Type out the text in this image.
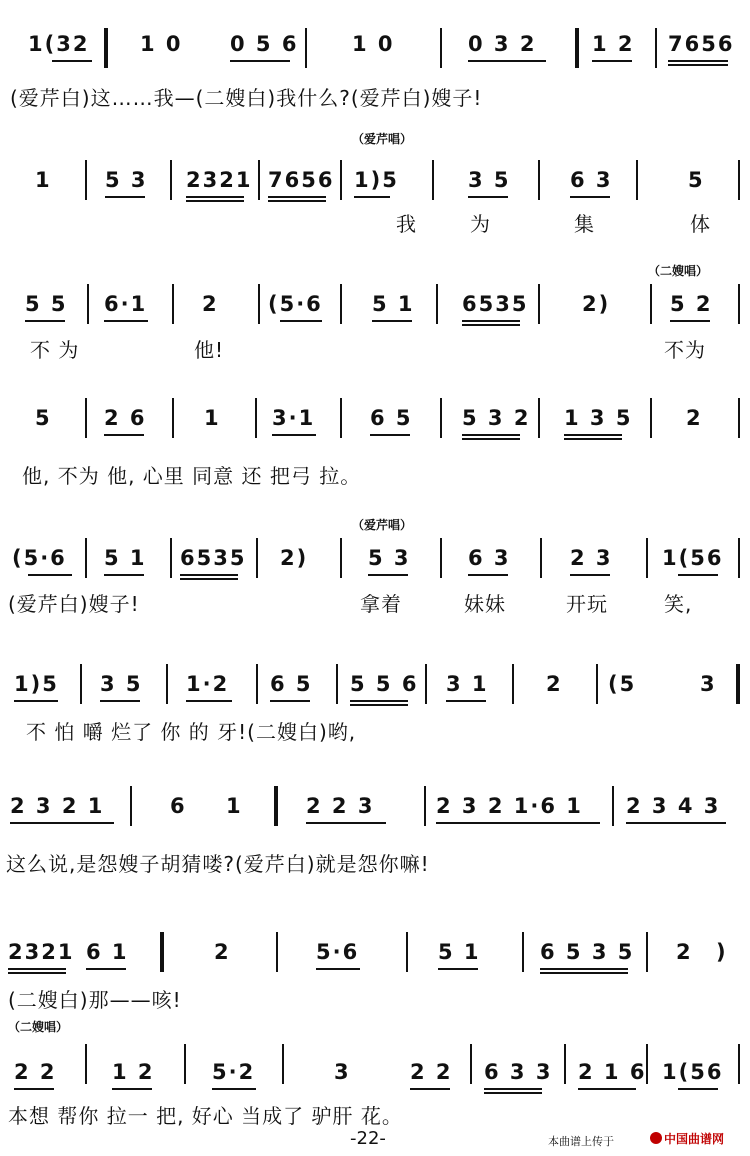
1(32 1 0 0 5 6	1 0	0 3 2	1 2 7656
(爱芹白)这……我—(二嫂白)我什么?(爱芹白)嫂子!
（爱芹唱）
1	5 3 2321 7656 1)5	3 5	6 3	5
我	为	集	体
（二嫂唱）
5 5 6·1	2 (5·6 5 1 6535	2)	5 2
不 为	他!	不为
5 2 6	1 3·1	6 5 5 3 2 1 3 5	2
他, 不为 他, 心里 同意 还 把弓 拉。
（爱芹唱）
(5·6 5 1 6535 2)	5 3	6 3	2 3 1(56
(爱芹白)嫂子!	拿着	妹妹	开玩	笑,
1)5 3 5 1·2 6 5 5 5 6 3 1	2 (5	3
不 怕 嚼 烂了 你 的 牙!(二嫂白)哟,
2 3 2 1	6 1	2 2 3	2 3 2 1·6 1 2 3 4 3
这么说,是怨嫂子胡猜喽?(爱芹白)就是怨你嘛!
2321 6 1	2	5·6	5 1	6 5 3 5 2 )
(二嫂白)那——咳!
（二嫂唱）
2 2	1 2	5·2	3	2 2 6 3 3 2 1 6 1(56
本想 帮你 拉一 把, 好心 当成了 驴肝 花。
-22-	本曲谱上传于	中国曲谱网
